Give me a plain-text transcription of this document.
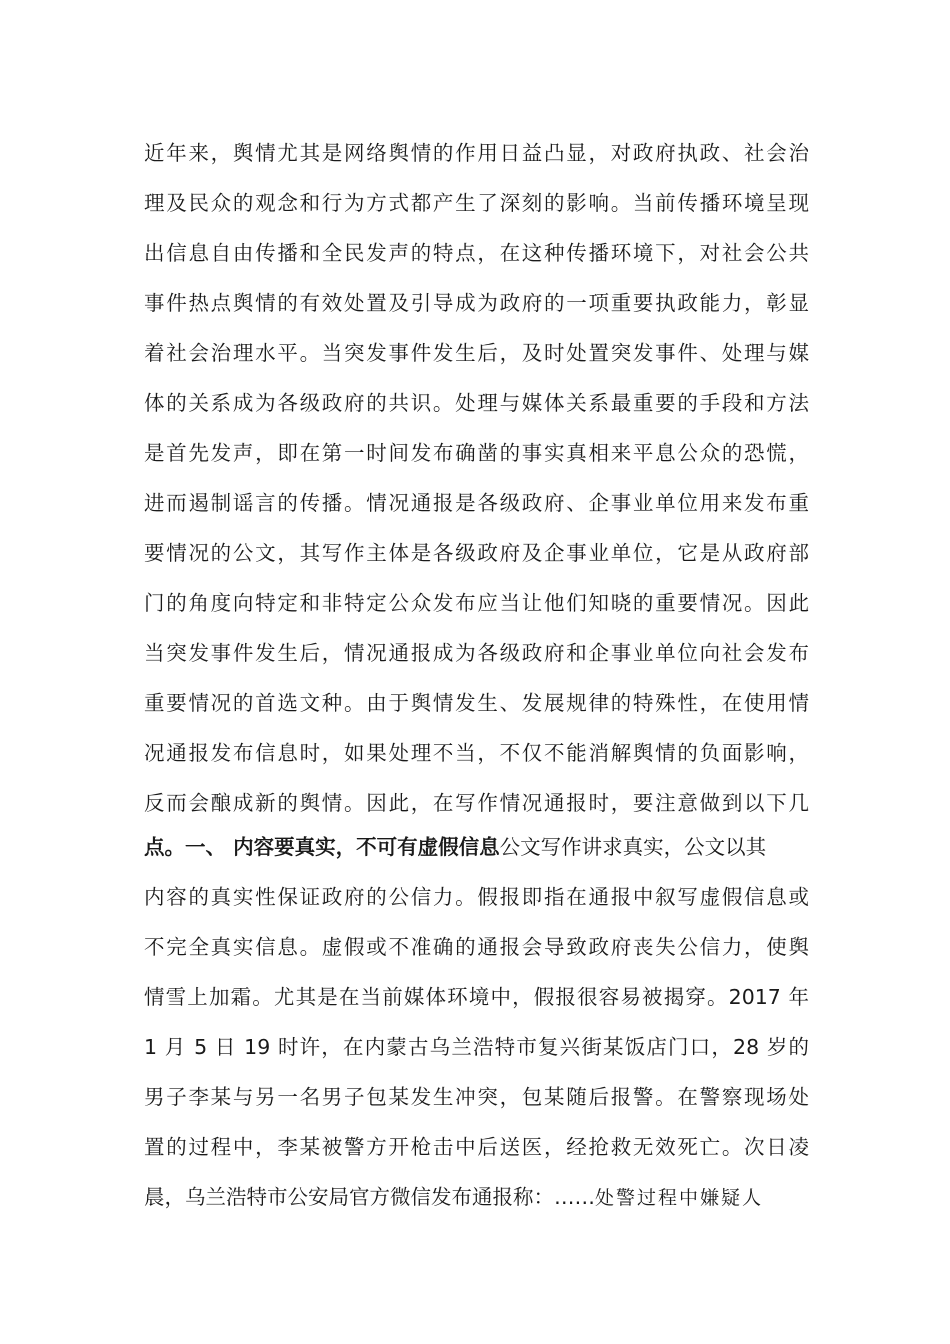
近年来，舆情尤其是网络舆情的作用日益凸显，对政府执政、社会治
理及民众的观念和行为方式都产生了深刻的影响。当前传播环境呈现
出信息自由传播和全民发声的特点，在这种传播环境下，对社会公共
事件热点舆情的有效处置及引导成为政府的一项重要执政能力，彰显
着社会治理水平。当突发事件发生后，及时处置突发事件、处理与媒
体的关系成为各级政府的共识。处理与媒体关系最重要的手段和方法
是首先发声，即在第一时间发布确凿的事实真相来平息公众的恐慌，
进而遏制谣言的传播。情况通报是各级政府、企事业单位用来发布重
要情况的公文，其写作主体是各级政府及企事业单位，它是从政府部
门的角度向特定和非特定公众发布应当让他们知晓的重要情况。因此
当突发事件发生后，情况通报成为各级政府和企事业单位向社会发布
重要情况的首选文种。由于舆情发生、发展规律的特殊性，在使用情
况通报发布信息时，如果处理不当，不仅不能消解舆情的负面影响，
反而会酿成新的舆情。因此，在写作情况通报时，要注意做到以下几
点。一、 内容要真实，不可有虚假信息公文写作讲求真实，公文以其
内容的真实性保证政府的公信力。假报即指在通报中叙写虚假信息或
不完全真实信息。虚假或不准确的通报会导致政府丧失公信力，使舆
情雪上加霜。尤其是在当前媒体环境中，假报很容易被揭穿。2017 年
1 月 5 日 19 时许，在内蒙古乌兰浩特市复兴街某饭店门口，28 岁的
男子李某与另一名男子包某发生冲突，包某随后报警。在警察现场处
置的过程中，李某被警方开枪击中后送医，经抢救无效死亡。次日凌
晨，乌兰浩特市公安局官方微信发布通报称：……处警过程中嫌疑人
